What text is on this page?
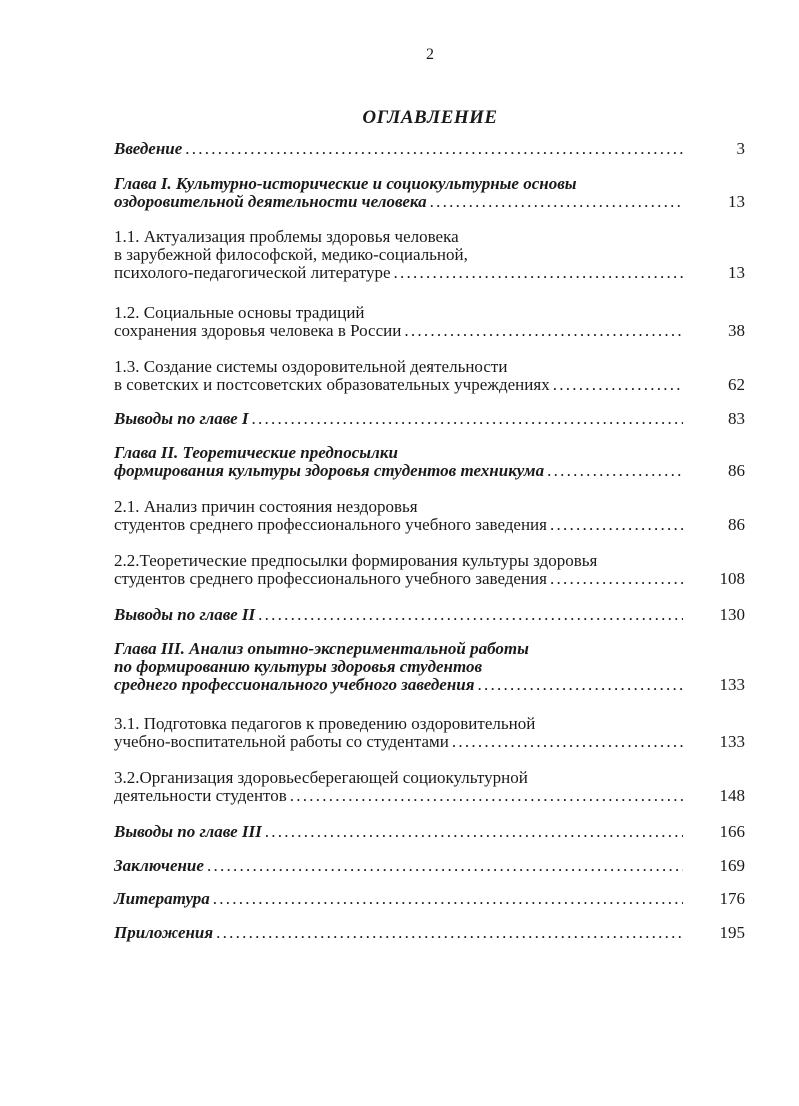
2
ОГЛАВЛЕНИЕ
Введение . . .	3
Глава I. Культурно-исторические и социокультурные основы
оздоровительной деятельности человека . . .	13
1.1. Актуализация проблемы здоровья человека
в зарубежной философской, медико-социальной,
психолого-педагогической литературе . . .	13
1.2. Социальные основы традиций
сохранения здоровья человека в России . . .	38
1.3. Создание системы оздоровительной деятельности
в советских и постсоветских образовательных учреждениях . . .	62
Выводы по главе I . . .	83
Глава II. Теоретические предпосылки
формирования культуры здоровья студентов техникума . . .	86
2.1. Анализ причин состояния нездоровья
студентов среднего профессионального учебного заведения . . .	86
2.2.Теоретические предпосылки формирования культуры здоровья
студентов среднего профессионального учебного заведения . . .	108
Выводы по главе II . . .	130
Глава III. Анализ опытно-экспериментальной работы
по формированию культуры здоровья студентов
среднего профессионального учебного заведения . . .	133
3.1. Подготовка педагогов к проведению оздоровительной
учебно-воспитательной работы со студентами . . .	133
3.2.Организация здоровьесберегающей социокультурной
деятельности студентов . . .	148
Выводы по главе III . . .	166
Заключение . . .	169
Литература . . .	176
Приложения . . .	195
